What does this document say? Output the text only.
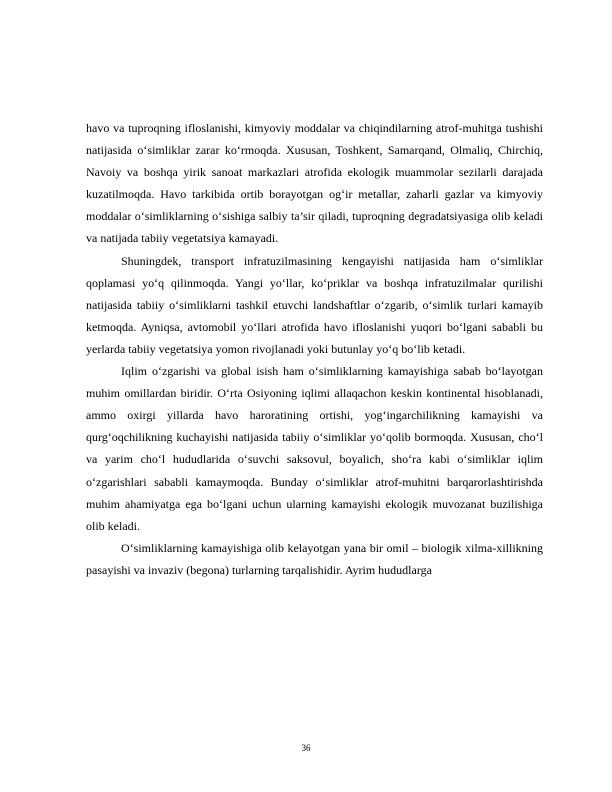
havo va tuproqning ifloslanishi, kimyoviy moddalar va chiqindilarning atrof-muhitga tushishi natijasida o‘simliklar zarar ko‘rmoqda. Xususan, Toshkent, Samarqand, Olmaliq, Chirchiq, Navoiy va boshqa yirik sanoat markazlari atrofida ekologik muammolar sezilarli darajada kuzatilmoqda. Havo tarkibida ortib borayotgan og‘ir metallar, zaharli gazlar va kimyoviy moddalar o‘simliklarning o‘sishiga salbiy ta’sir qiladi, tuproqning degradatsiyasiga olib keladi va natijada tabiiy vegetatsiya kamayadi.

Shuningdek, transport infratuzilmasining kengayishi natijasida ham o‘simliklar qoplamasi yo‘q qilinmoqda. Yangi yo‘llar, ko‘priklar va boshqa infratuzilmalar qurilishi natijasida tabiiy o‘simliklarni tashkil etuvchi landshaftlar o‘zgarib, o‘simlik turlari kamayib ketmoqda. Ayniqsa, avtomobil yo‘llari atrofida havo ifloslanishi yuqori bo‘lgani sababli bu yerlarda tabiiy vegetatsiya yomon rivojlanadi yoki butunlay yo‘q bo‘lib ketadi.

Iqlim o‘zgarishi va global isish ham o‘simliklarning kamayishiga sabab bo‘layotgan muhim omillardan biridir. O‘rta Osiyoning iqlimi allaqachon keskin kontinental hisoblanadi, ammo oxirgi yillarda havo haroratining ortishi, yog‘ingarchilikning kamayishi va qurg‘oqchilikning kuchayishi natijasida tabiiy o‘simliklar yo‘qolib bormoqda. Xususan, cho‘l va yarim cho‘l hududlarida o‘suvchi saksovul, boyalich, sho‘ra kabi o‘simliklar iqlim o‘zgarishlari sababli kamaymoqda. Bunday o‘simliklar atrof-muhitni barqarorlashtirishda muhim ahamiyatga ega bo‘lgani uchun ularning kamayishi ekologik muvozanat buzilishiga olib keladi.

O‘simliklarning kamayishiga olib kelayotgan yana bir omil – biologik xilma-xillikning pasayishi va invaziv (begona) turlarning tarqalishidir. Ayrim hududlarga

36
